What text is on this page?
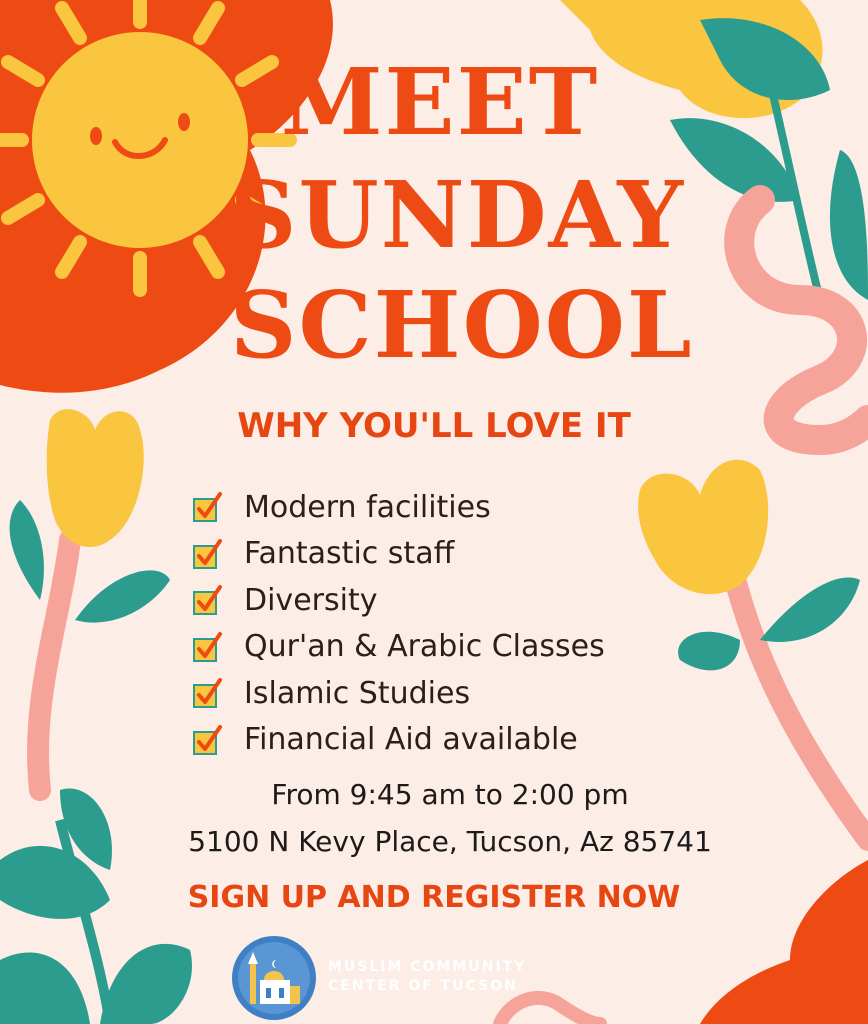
MEET
SUNDAY
SCHOOL
WHY YOU'LL LOVE IT
Modern facilities
Fantastic staff
Diversity
Qur'an & Arabic Classes
Islamic Studies
Financial Aid available
From 9:45 am to 2:00 pm
5100 N Kevy Place, Tucson, Az 85741
SIGN UP AND REGISTER NOW
MUSLIM COMMUNITY
CENTER OF TUCSON
